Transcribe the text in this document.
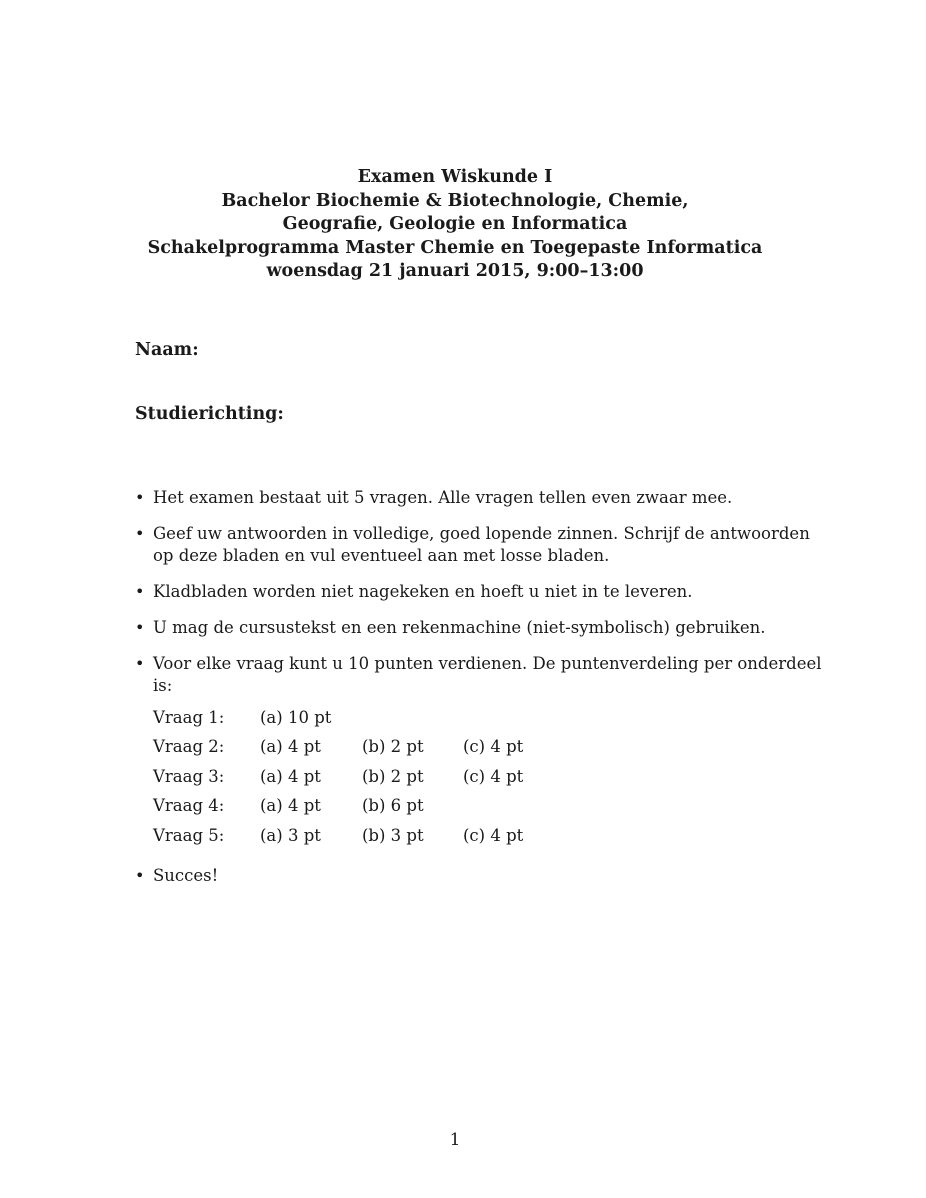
Examen Wiskunde I
Bachelor Biochemie & Biotechnologie, Chemie,
Geografie, Geologie en Informatica
Schakelprogramma Master Chemie en Toegepaste Informatica
woensdag 21 januari 2015, 9:00–13:00
Naam:
Studierichting:
• Het examen bestaat uit 5 vragen. Alle vragen tellen even zwaar mee.
• Geef uw antwoorden in volledige, goed lopende zinnen. Schrijf de antwoorden op deze bladen en vul eventueel aan met losse bladen.
• Kladbladen worden niet nagekeken en hoeft u niet in te leveren.
• U mag de cursustekst en een rekenmachine (niet-symbolisch) gebruiken.
• Voor elke vraag kunt u 10 punten verdienen. De puntenverdeling per onderdeel is:
Vraag 1:	(a) 10 pt
Vraag 2:	(a) 4 pt	(b) 2 pt	(c) 4 pt
Vraag 3:	(a) 4 pt	(b) 2 pt	(c) 4 pt
Vraag 4:	(a) 4 pt	(b) 6 pt
Vraag 5:	(a) 3 pt	(b) 3 pt	(c) 4 pt
• Succes!
1
